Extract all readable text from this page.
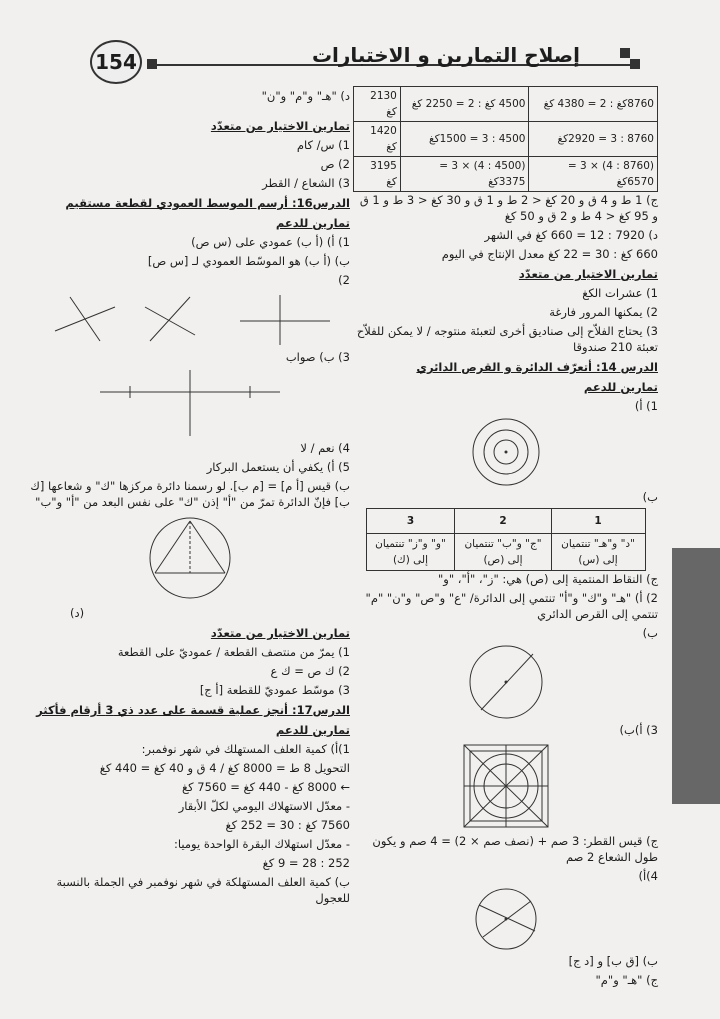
154	إصلاح التمارين و الاختبارات
8760كغ : 2 = 4380 كغ	4500 كغ : 2 = 2250 كغ	2130 كغ
8760 : 3 = 2920كغ	4500 : 3 = 1500كغ	1420 كغ
(8760 : 4) × 3 = 6570كغ	(4500 : 4) × 3 = 3375كغ	3195 كغ

ج) 1 ط و 4 ق و 20 كغ < 2 ط و 1 ق و 30 كغ < 3 ط و 1 ق و 95 كغ < 4 ط و 2 ق و 50 كغ

د) 7920 : 12 = 660 كغ في الشهر

660 كغ : 30 = 22 كغ معدل الإنتاج في اليوم

تمارين الاختيار من متعدّد

1) عشرات الكغ

2) يمكنها المرور فارغة

3) يحتاج الفلاّح إلى صناديق أخرى لتعبئة منتوجه / لا يمكن للفلاّح تعبئة 210 صندوقا

الدرس 14: أتعرّف الدائرة و القرص الدائري

تمارين للدعم

1) أ)

ب)

1	2	3
"د" و"هـ" تنتميان إلى (س)	"ج" و"ب" تنتميان إلى (ص)	"و" و"ز" تنتميان إلى (ك)

ج) النقاط المنتمية إلى (ص) هي: "ز"، "أ"، "و"

2) أ) "هـ" و"ك" و"أ" تنتمي إلى الدائرة/ "ع" و"ص" و"ن" "م" تنتمي إلى القرص الدائري

ب)

3) أ)ب)

ج) قيس القطر: 3 صم + (نصف صم × 2) = 4 صم و يكون طول الشعاع 2 صم

4)أ)

ب) [ق ب] و [د ج]

ج) "هـ" و"م"

د) "هـ" و"م" و"ن"

تمارين الاختيار من متعدّد

1) س/ كام

2) ص

3) الشعاع / القطر

الدرس16: أرسم الموسط العمودي لقطعة مستقيم

تمارين للدعم

1) أ) (أ ب) عمودي على (س ص)

ب) (أ ب) هو الموسّط العمودي لـ [س ص]

2)

3) ب) صواب

4) نعم / لا

5) أ) يكفي أن يستعمل البركار

ب) قيس [أ م] = [م ب]. لو رسمنا دائرة مركزها "ك" و شعاعها [ك ب] فإنّ الدائرة تمرّ من "أ" إذن "ك" على نفس البعد من "أ" و"ب"

(د)

تمارين الاختيار من متعدّد

1) يمرّ من منتصف القطعة / عموديّ على القطعة

2) ك ص = ك ع

3) موسّط عموديّ للقطعة [أ ج]

الدرس17: أنجز عملية قسمة على عدد ذي 3 أرقام فأكثر

تمارين للدعم

1)أ) كمية العلف المستهلك في شهر نوفمبر:

التحويل 8 ط = 8000 كغ / 4 ق و 40 كغ = 440 كغ

← 8000 كغ - 440 كغ = 7560 كغ

- معدّل الاستهلاك اليومي لكلّ الأبقار

7560 كغ : 30 = 252 كغ

- معدّل استهلاك البقرة الواحدة يوميا:

252 : 28 = 9 كغ

ب) كمية العلف المستهلكة في شهر نوفمبر في الجملة بالنسبة للعجول
